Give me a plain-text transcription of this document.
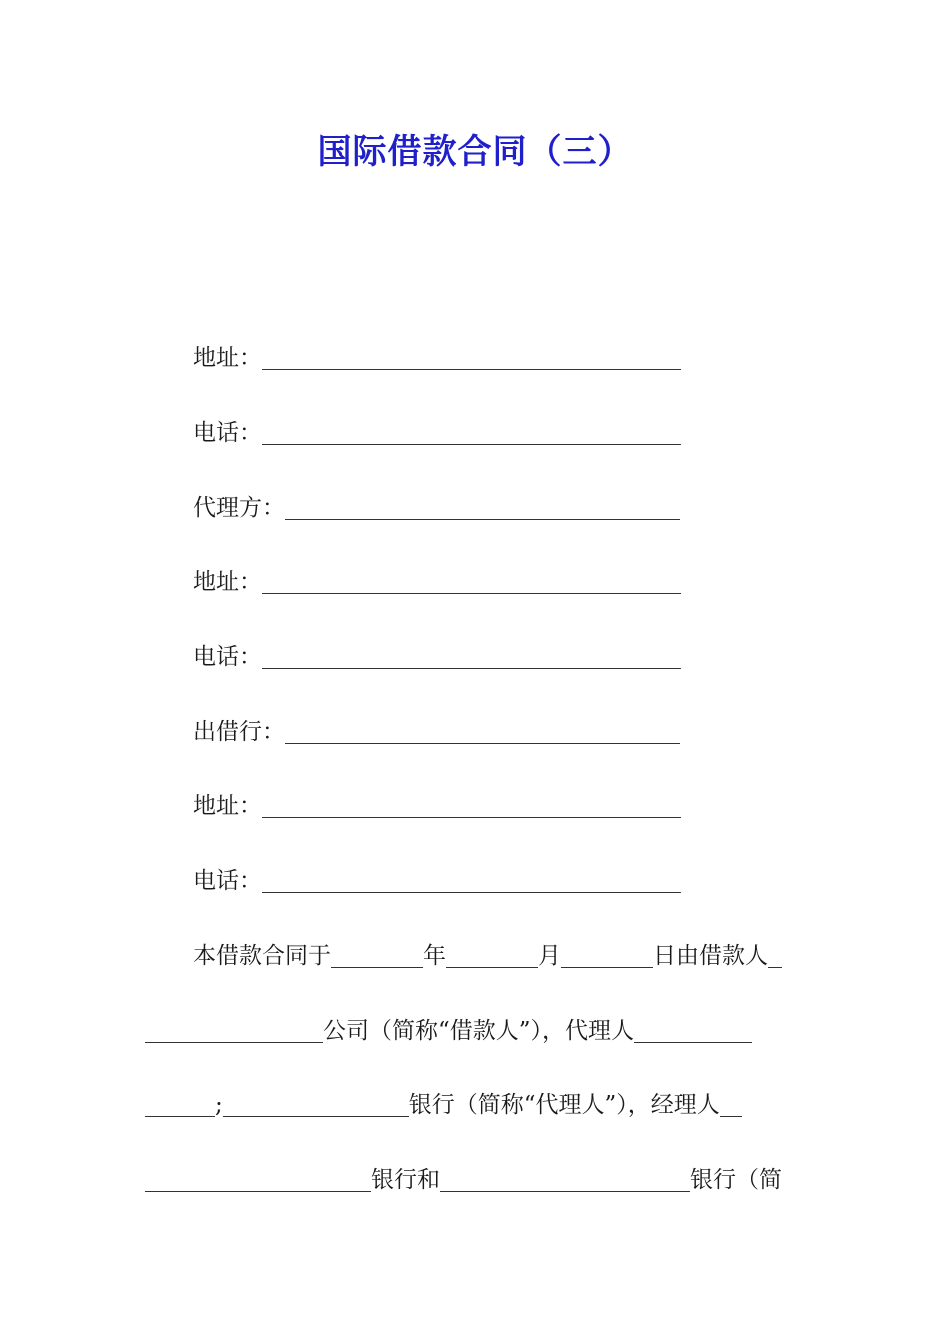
国际借款合同（三）
地址：
电话：
代理方：
地址：
电话：
出借行：
地址：
电话：
本借款合同于	年	月	日由借款人
公司（简称“借款人”），代理人
;	银行（简称“代理人”），经理人
银行和	银行（简
